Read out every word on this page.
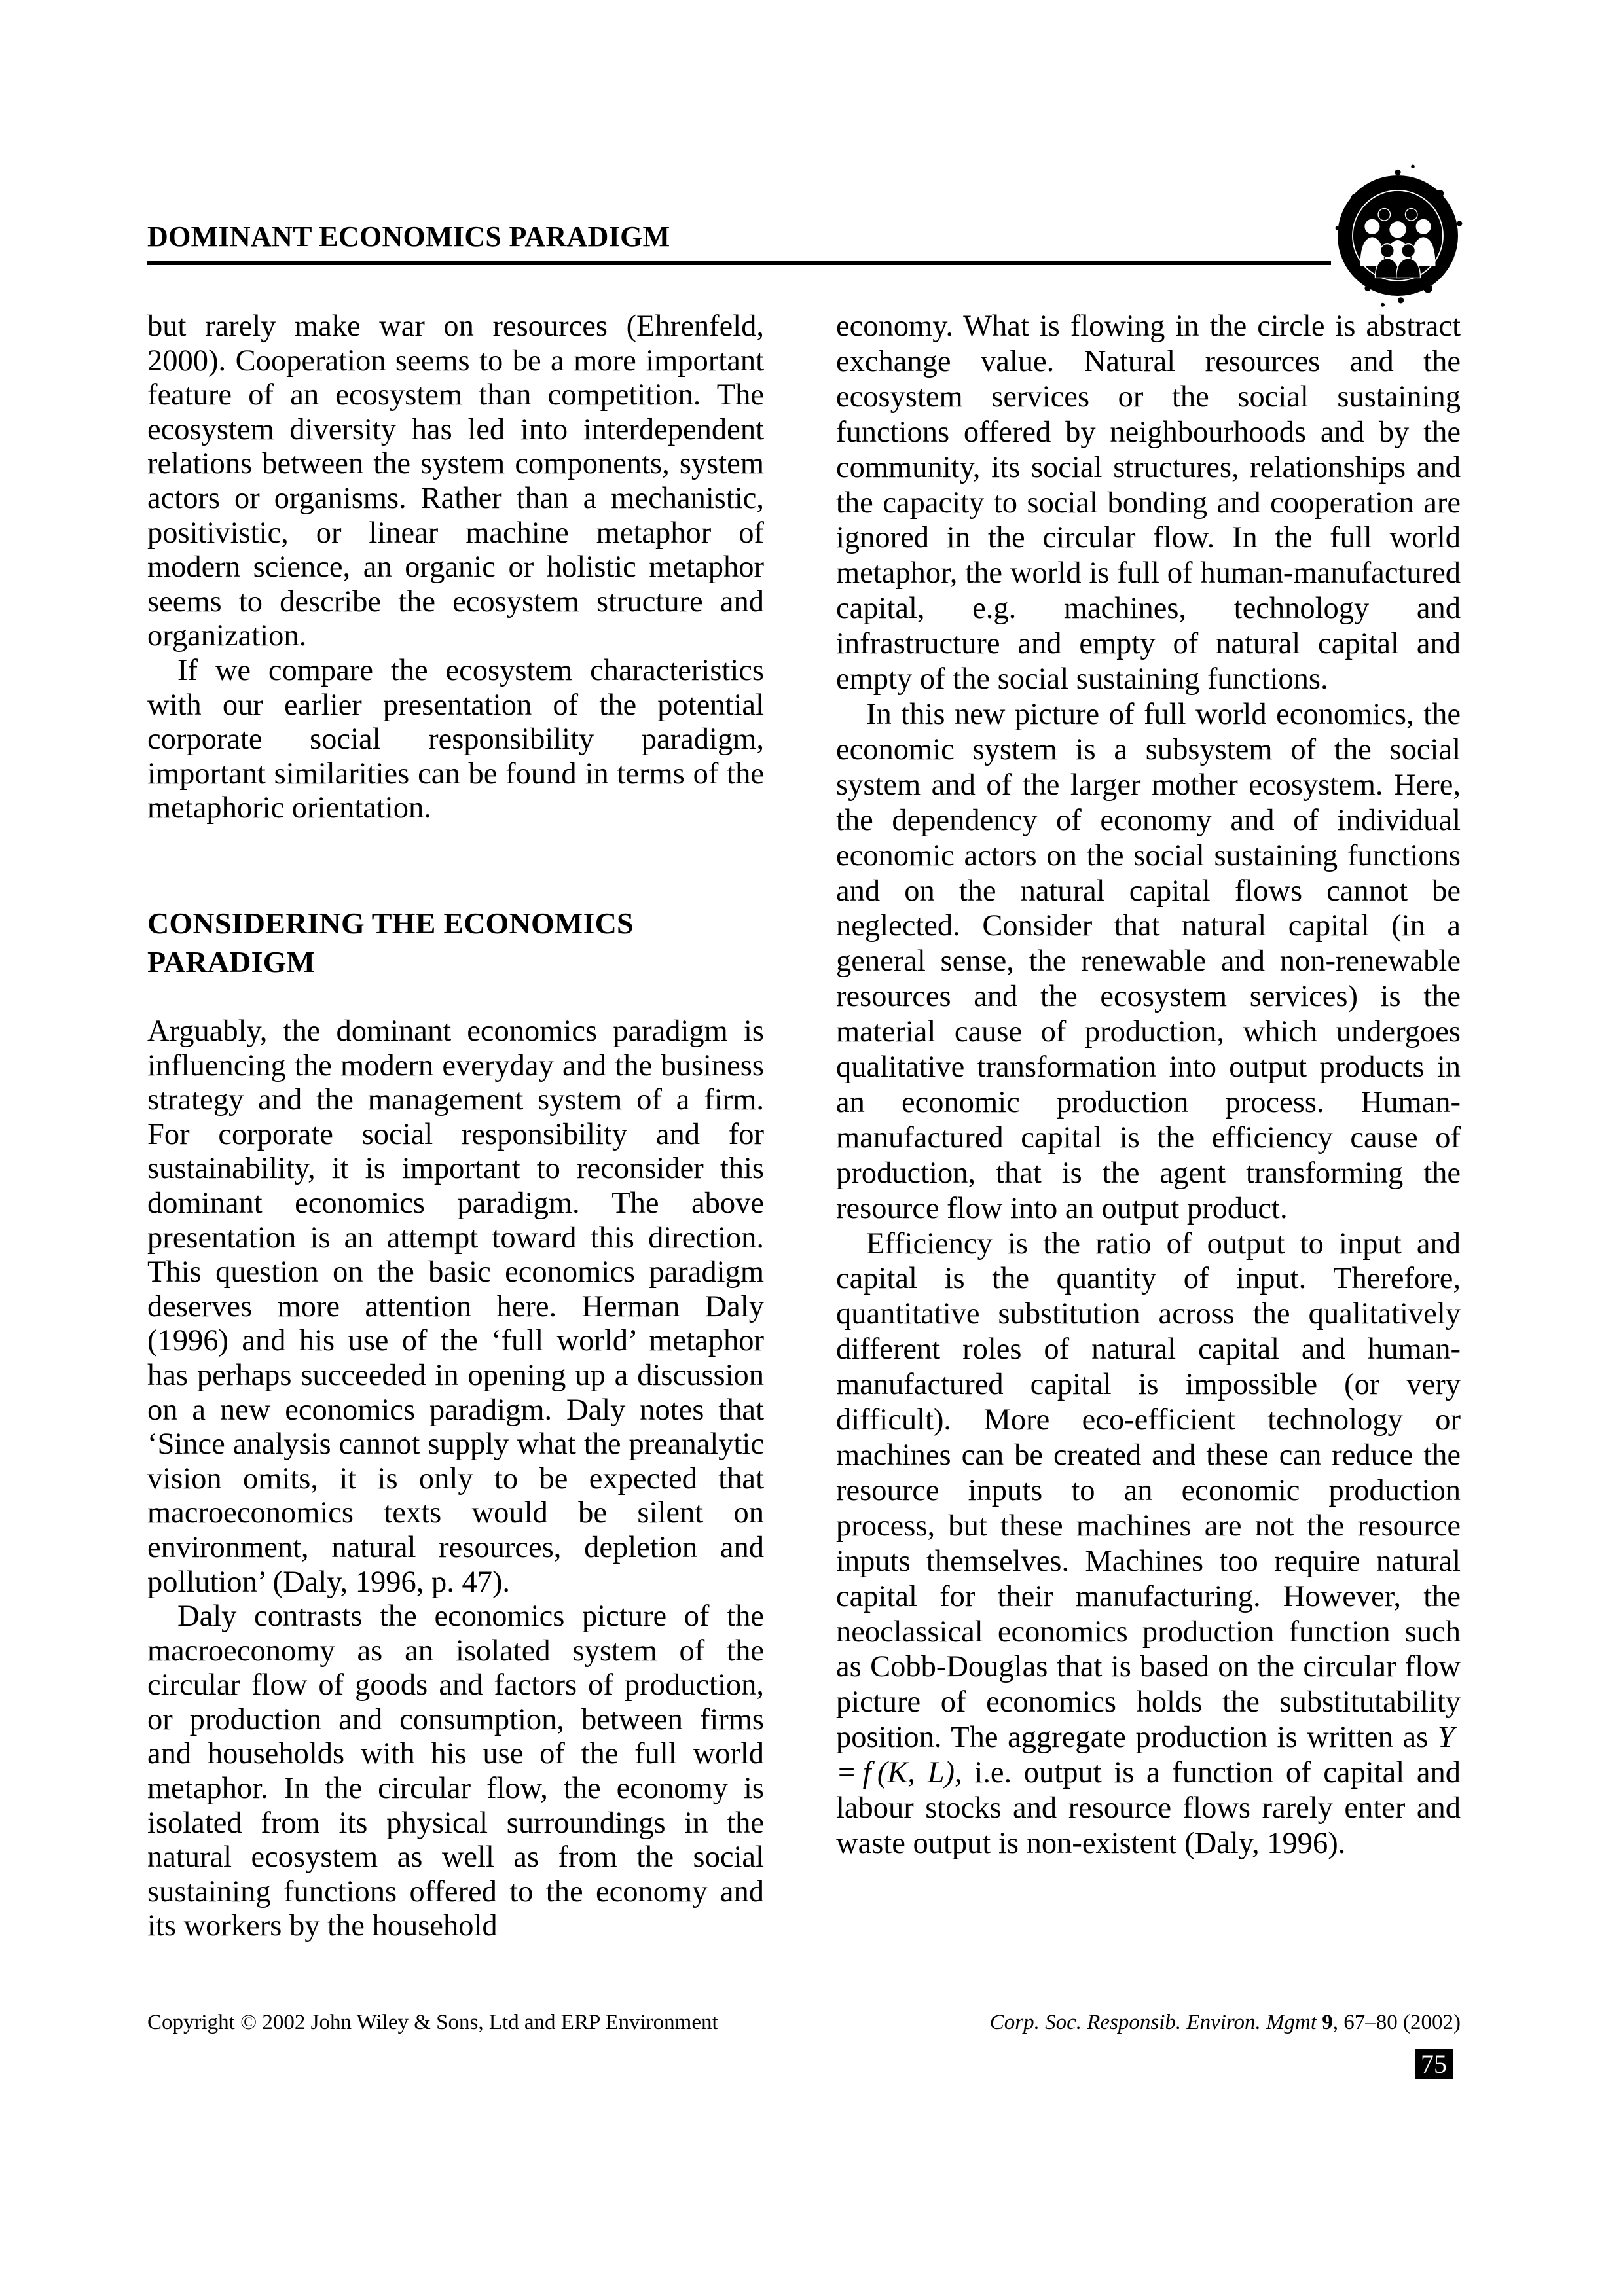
DOMINANT ECONOMICS PARADIGM

but rarely make war on resources (Ehrenfeld, 2000). Cooperation seems to be a more important feature of an ecosystem than competition. The ecosystem diversity has led into interdependent relations between the system components, system actors or organisms. Rather than a mechanistic, positivistic, or linear machine metaphor of modern science, an organic or holistic metaphor seems to describe the ecosystem structure and organization.

If we compare the ecosystem characteristics with our earlier presentation of the potential corporate social responsibility paradigm, important similarities can be found in terms of the metaphoric orientation.

CONSIDERING THE ECONOMICS PARADIGM

Arguably, the dominant economics paradigm is influencing the modern everyday and the business strategy and the management system of a firm. For corporate social responsibility and for sustainability, it is important to reconsider this dominant economics paradigm. The above presentation is an attempt toward this direction. This question on the basic economics paradigm deserves more attention here. Herman Daly (1996) and his use of the ‘full world’ metaphor has perhaps succeeded in opening up a discussion on a new economics paradigm. Daly notes that ‘Since analysis cannot supply what the preanalytic vision omits, it is only to be expected that macroeconomics texts would be silent on environment, natural resources, depletion and pollution’ (Daly, 1996, p. 47).

Daly contrasts the economics picture of the macroeconomy as an isolated system of the circular flow of goods and factors of production, or production and consumption, between firms and households with his use of the full world metaphor. In the circular flow, the economy is isolated from its physical surroundings in the natural ecosystem as well as from the social sustaining functions offered to the economy and its workers by the household

economy. What is flowing in the circle is abstract exchange value. Natural resources and the ecosystem services or the social sustaining functions offered by neighbourhoods and by the community, its social structures, relationships and the capacity to social bonding and cooperation are ignored in the circular flow. In the full world metaphor, the world is full of human-manufactured capital, e.g. machines, technology and infrastructure and empty of natural capital and empty of the social sustaining functions.

In this new picture of full world economics, the economic system is a subsystem of the social system and of the larger mother ecosystem. Here, the dependency of economy and of individual economic actors on the social sustaining functions and on the natural capital flows cannot be neglected. Consider that natural capital (in a general sense, the renewable and non-renewable resources and the ecosystem services) is the material cause of production, which undergoes qualitative transformation into output products in an economic production process. Human-manufactured capital is the efficiency cause of production, that is the agent transforming the resource flow into an output product.

Efficiency is the ratio of output to input and capital is the quantity of input. Therefore, quantitative substitution across the qualitatively different roles of natural capital and human-manufactured capital is impossible (or very difficult). More eco-efficient technology or machines can be created and these can reduce the resource inputs to an economic production process, but these machines are not the resource inputs themselves. Machines too require natural capital for their manufacturing. However, the neoclassical economics production function such as Cobb-Douglas that is based on the circular flow picture of economics holds the substitutability position. The aggregate production is written as Y = f (K, L), i.e. output is a function of capital and labour stocks and resource flows rarely enter and waste output is non-existent (Daly, 1996).

Copyright © 2002 John Wiley & Sons, Ltd and ERP Environment	Corp. Soc. Responsib. Environ. Mgmt 9, 67–80 (2002)
75
